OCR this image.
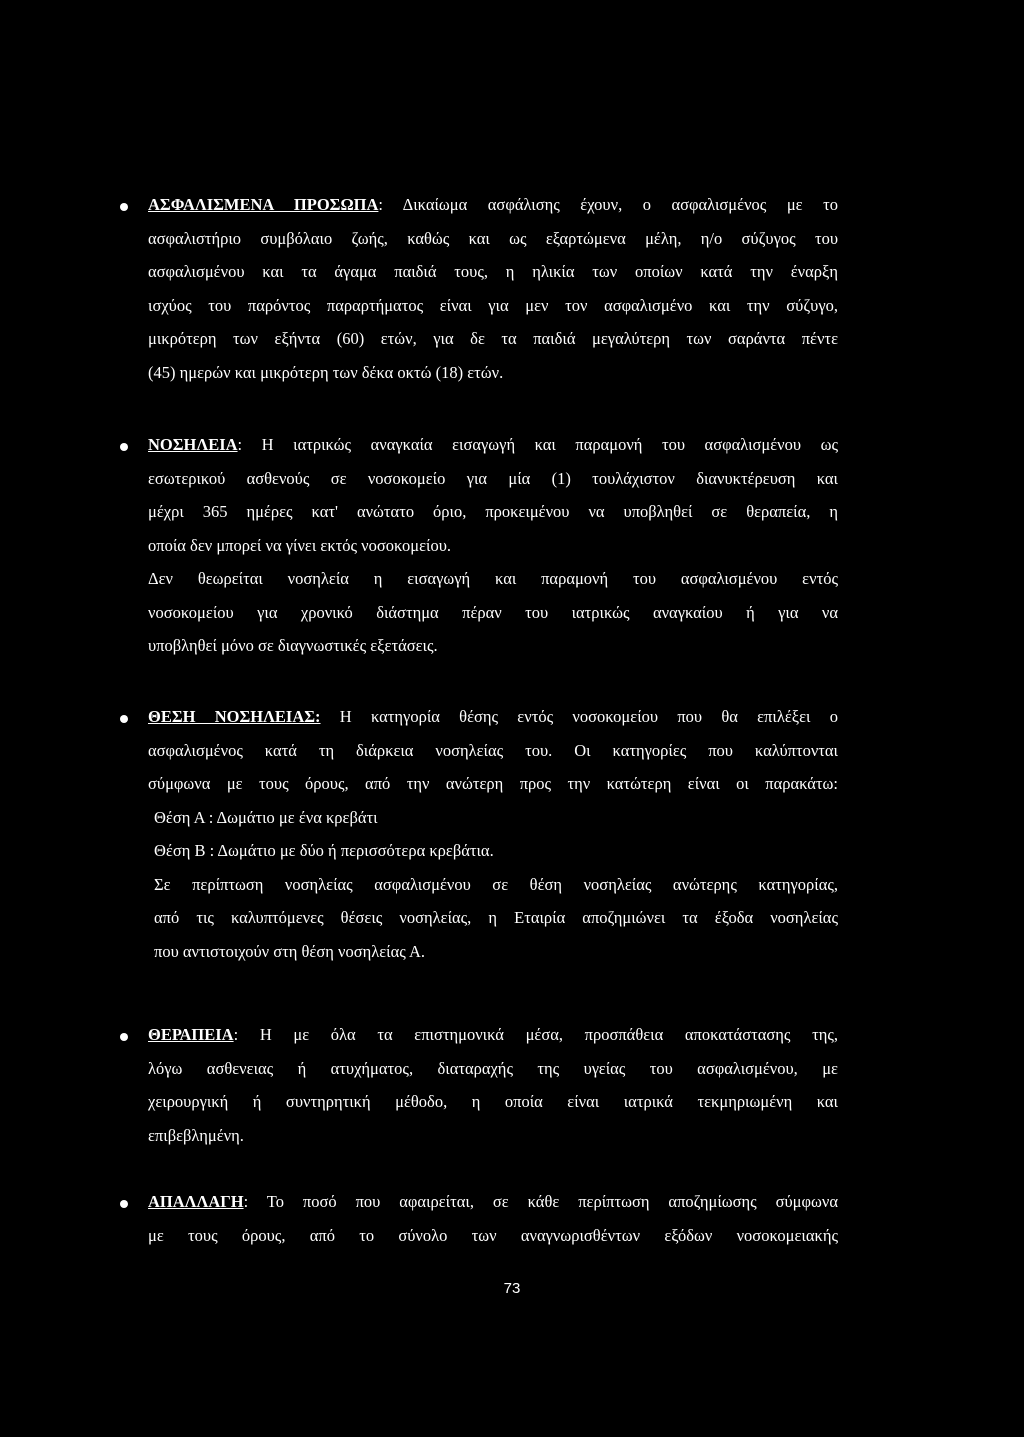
ΑΣΦΑΛΙΣΜΕΝΑ ΠΡΟΣΩΠΑ: Δικαίωμα ασφάλισης έχουν, ο ασφαλισμένος με το
ασφαλιστήριο συμβόλαιο ζωής, καθώς και ως εξαρτώμενα μέλη, η/ο σύζυγος του
ασφαλισμένου και τα άγαμα παιδιά τους, η ηλικία των οποίων κατά την έναρξη
ισχύος του παρόντος παραρτήματος είναι για μεν τον ασφαλισμένο και την σύζυγο,
μικρότερη των εξήντα (60) ετών, για δε τα παιδιά μεγαλύτερη των σαράντα πέντε
(45) ημερών και μικρότερη των δέκα οκτώ (18) ετών.
ΝΟΣΗΛΕΙΑ: Η ιατρικώς αναγκαία εισαγωγή και παραμονή του ασφαλισμένου ως
εσωτερικού ασθενούς σε νοσοκομείο για μία (1) τουλάχιστον διανυκτέρευση και
μέχρι 365 ημέρες κατ' ανώτατο όριο, προκειμένου να υποβληθεί σε θεραπεία, η
οποία δεν μπορεί να γίνει εκτός νοσοκομείου.
Δεν θεωρείται νοσηλεία η εισαγωγή και παραμονή του ασφαλισμένου εντός
νοσοκομείου για χρονικό διάστημα πέραν του ιατρικώς αναγκαίου ή για να
υποβληθεί μόνο σε διαγνωστικές εξετάσεις.
ΘΕΣΗ ΝΟΣΗΛΕΙΑΣ: Η κατηγορία θέσης εντός νοσοκομείου που θα επιλέξει ο
ασφαλισμένος κατά τη διάρκεια νοσηλείας του. Οι κατηγορίες που καλύπτονται
σύμφωνα με τους όρους, από την ανώτερη προς την κατώτερη είναι οι παρακάτω:
Θέση Α : Δωμάτιο με ένα κρεβάτι
Θέση Β : Δωμάτιο με δύο ή περισσότερα κρεβάτια.
Σε περίπτωση νοσηλείας ασφαλισμένου σε θέση νοσηλείας ανώτερης κατηγορίας,
από τις καλυπτόμενες θέσεις νοσηλείας, η Εταιρία αποζημιώνει τα έξοδα νοσηλείας
που αντιστοιχούν στη θέση νοσηλείας Α.
ΘΕΡΑΠΕΙΑ: Η με όλα τα επιστημονικά μέσα, προσπάθεια αποκατάστασης της,
λόγω ασθενειας ή ατυχήματος, διαταραχής της υγείας του ασφαλισμένου, με
χειρουργική ή συντηρητική μέθοδο, η οποία είναι ιατρικά τεκμηριωμένη και
επιβεβλημένη.
ΑΠΑΛΛΑΓΗ: Το ποσό που αφαιρείται, σε κάθε περίπτωση αποζημίωσης σύμφωνα
με τους όρους, από το σύνολο των αναγνωρισθέντων εξόδων νοσοκομειακής
73
